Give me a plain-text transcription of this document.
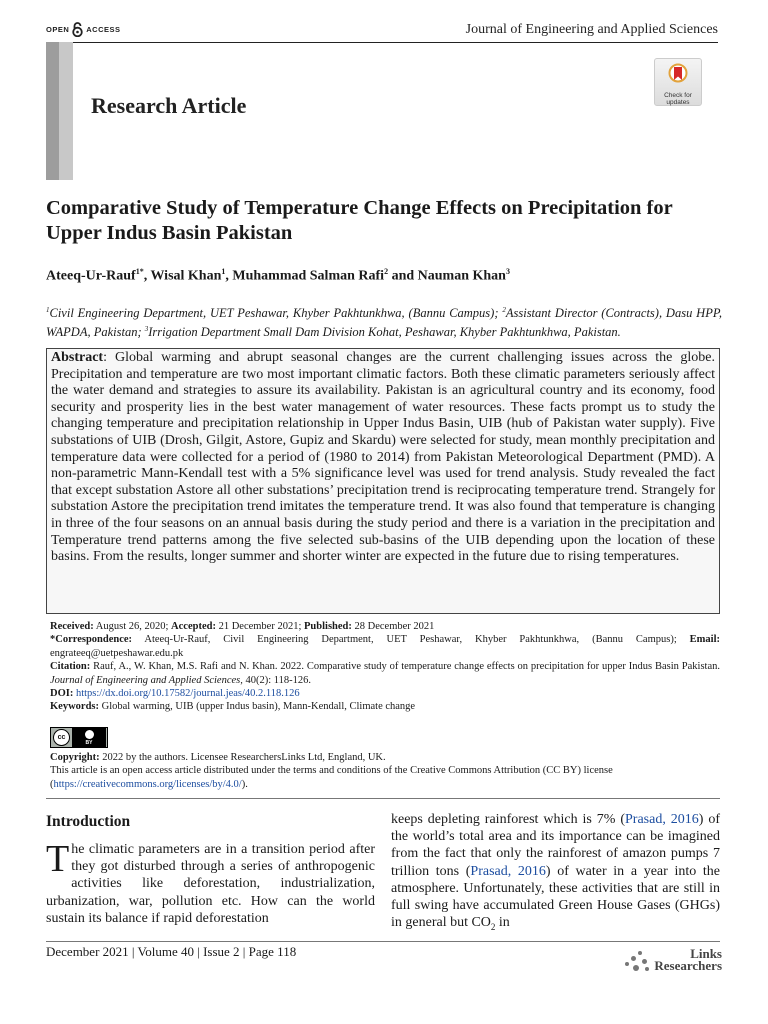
OPEN ACCESS	Journal of Engineering and Applied Sciences
Research Article	Check for updates
Comparative Study of Temperature Change Effects on Precipitation for Upper Indus Basin Pakistan
Ateeq-Ur-Rauf$^{1*}$, Wisal Khan$^1$, Muhammad Salman Rafi$^2$ and Nauman Khan$^3$
$^1$Civil Engineering Department, UET Peshawar, Khyber Pakhtunkhwa, (Bannu Campus); $^2$Assistant Director (Contracts), Dasu HPP, WAPDA, Pakistan; $^3$Irrigation Department Small Dam Division Kohat, Peshawar, Khyber Pakhtunkhwa, Pakistan.
Abstract: Global warming and abrupt seasonal changes are the current challenging issues across the globe. Precipitation and temperature are two most important climatic factors. Both these climatic parameters seriously affect the water demand and strategies to assure its availability. Pakistan is an agricultural country and its economy, food security and prosperity lies in the best water management of water resources. These facts prompt us to study the changing temperature and precipitation relationship in Upper Indus Basin, UIB (hub of Pakistan water supply). Five substations of UIB (Drosh, Gilgit, Astore, Gupiz and Skardu) were selected for study, mean monthly precipitation and temperature data were collected for a period of (1980 to 2014) from Pakistan Meteorological Department (PMD). A non-parametric Mann-Kendall test with a 5% significance level was used for trend analysis. Study revealed the fact that except substation Astore all other substations’ precipitation trend is reciprocating temperature trend. Strangely for substation Astore the precipitation trend imitates the temperature trend. It was also found that temperature is changing in three of the four seasons on an annual basis during the study period and there is a variation in the precipitation and Temperature trend patterns among the five selected sub-basins of the UIB depending upon the location of these basins. From the results, longer summer and shorter winter are expected in the future due to rising temperatures.

Received: August 26, 2020; Accepted: 21 December 2021; Published: 28 December 2021

*Correspondence: Ateeq-Ur-Rauf, Civil Engineering Department, UET Peshawar, Khyber Pakhtunkhwa, (Bannu Campus); Email: engrateeq@uetpeshawar.edu.pk

Citation: Rauf, A., W. Khan, M.S. Rafi and N. Khan. 2022. Comparative study of temperature change effects on precipitation for upper Indus Basin Pakistan. Journal of Engineering and Applied Sciences, 40(2): 118-126.

DOI: https://dx.doi.org/10.17582/journal.jeas/40.2.118.126

Keywords: Global warming, UIB (upper Indus basin), Mann-Kendall, Climate change

cc
BY

Copyright: 2022 by the authors. Licensee ResearchersLinks Ltd, England, UK.

This article is an open access article distributed under the terms and conditions of the Creative Commons Attribution (CC BY) license (https://creativecommons.org/licenses/by/4.0/).

Introduction

The climatic parameters are in a transition period after they got disturbed through a series of anthropogenic activities like deforestation, industrialization, urbanization, war, pollution etc. How can the world sustain its balance if rapid deforestation

keeps depleting rainforest which is 7% (Prasad, 2016) of the world’s total area and its importance can be imagined from the fact that only the rainforest of amazon pumps 7 trillion tons (Prasad, 2016) of water in a year into the atmosphere. Unfortunately, these activities that are still in full swing have accumulated Green House Gases (GHGs) in general but $CO_2$ in

December 2021 | Volume 40 | Issue 2 | Page 118	Links
Researchers
